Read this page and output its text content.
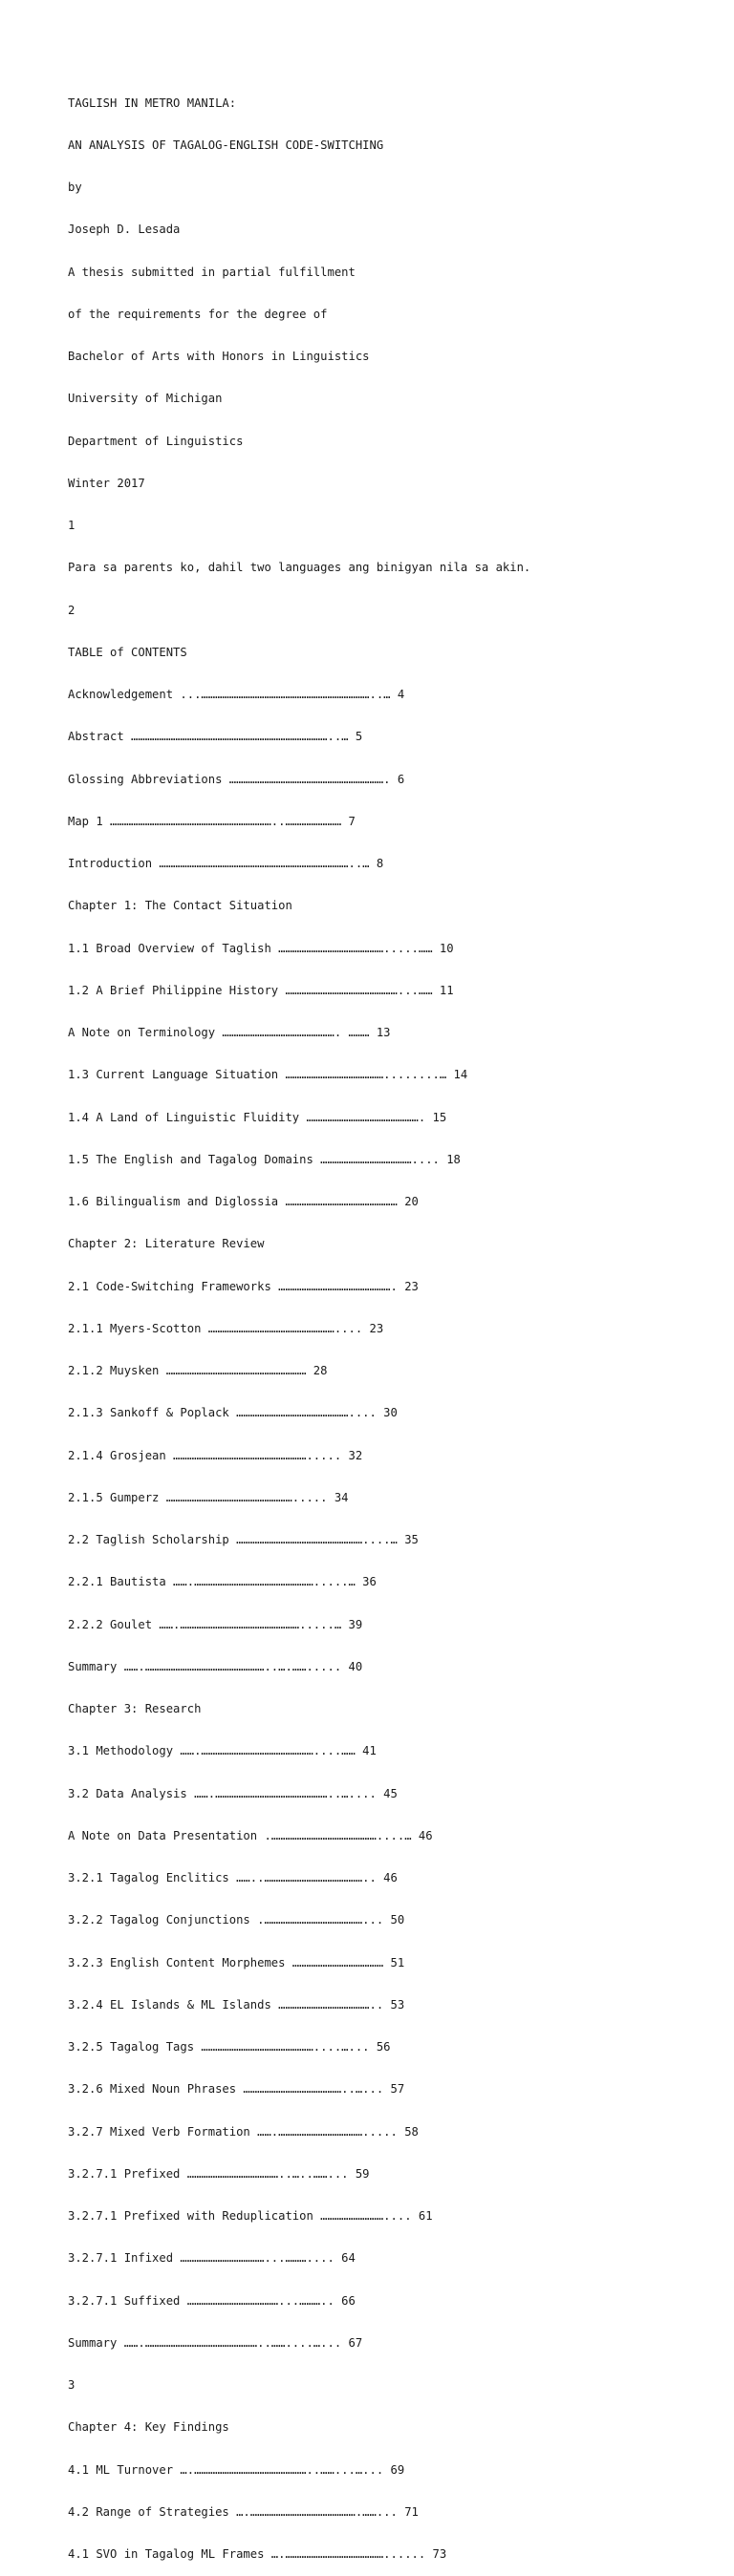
TAGLISH IN METRO MANILA:

AN ANALYSIS OF TAGALOG-ENGLISH CODE-SWITCHING

by

Joseph D. Lesada

A thesis submitted in partial fulfillment

of the requirements for the degree of

Bachelor of Arts with Honors in Linguistics

University of Michigan

Department of Linguistics

Winter 2017

1

Para sa parents ko, dahil two languages ang binigyan nila sa akin.

2

TABLE of CONTENTS

Acknowledgement ...………………………………………………………………..… 4

Abstract …………………………………………………………………………..… 5

Glossing Abbreviations …………………………………………………………. 6

Map 1 ……………………………………………………………..…………………… 7

Introduction ………………………………………………………………………..… 8

Chapter 1: The Contact Situation

1.1 Broad Overview of Taglish ……………………………………….....…… 10

1.2 A Brief Philippine History …………………………………………...…… 11

A Note on Terminology …………………………………………. ……… 13

1.3 Current Language Situation ……………………………………........… 14

1.4 A Land of Linguistic Fluidity …………………………………………. 15

1.5 The English and Tagalog Domains ………………………………….... 18

1.6 Bilingualism and Diglossia ………………………………………… 20

Chapter 2: Literature Review

2.1 Code-Switching Frameworks …………………………………………. 23

2.1.1 Myers-Scotton ……………………………………………….... 23

2.1.2 Muysken …………………………………………………… 28

2.1.3 Sankoff & Poplack ………………………………………….... 30

2.1.4 Grosjean …………………………………………………..... 32

2.1.5 Gumperz ………………………………………………..... 34

2.2 Taglish Scholarship ………………………………………………....… 35

2.2.1 Bautista …….…………………………………………….....… 36

2.2.2 Goulet …….…………………………………………….....… 39

Summary …….……………………………………………..….……..... 40

Chapter 3: Research

3.1 Methodology …….…………………………………………....…… 41

3.2 Data Analysis …….…………………………………………..….... 45

A Note on Data Presentation .………………………………………....… 46

3.2.1 Tagalog Enclitics ……..…………………………………….. 46

3.2.2 Tagalog Conjunctions .……………………………………... 50

3.2.3 English Content Morphemes ………………………………… 51

3.2.4 EL Islands & ML Islands ………………………………….. 53

3.2.5 Tagalog Tags …………………………………………....…... 56

3.2.6 Mixed Noun Phrases ……………………………………..…... 57

3.2.7 Mixed Verb Formation …….………………………………..... 58

3.2.7.1 Prefixed …………………………………..…..……... 59

3.2.7.1 Prefixed with Reduplication ……………………….... 61

3.2.7.1 Infixed ………………………………...……….... 64

3.2.7.1 Suffixed …………………………………...……….. 66

Summary …….…………………………………………..……....…... 67

3

Chapter 4: Key Findings

4.1 ML Turnover ….…………………………………………..……...…... 69

4.2 Range of Strategies ….……………………………………….……... 71

4.1 SVO in Tagalog ML Frames ….……………………………………...... 73
